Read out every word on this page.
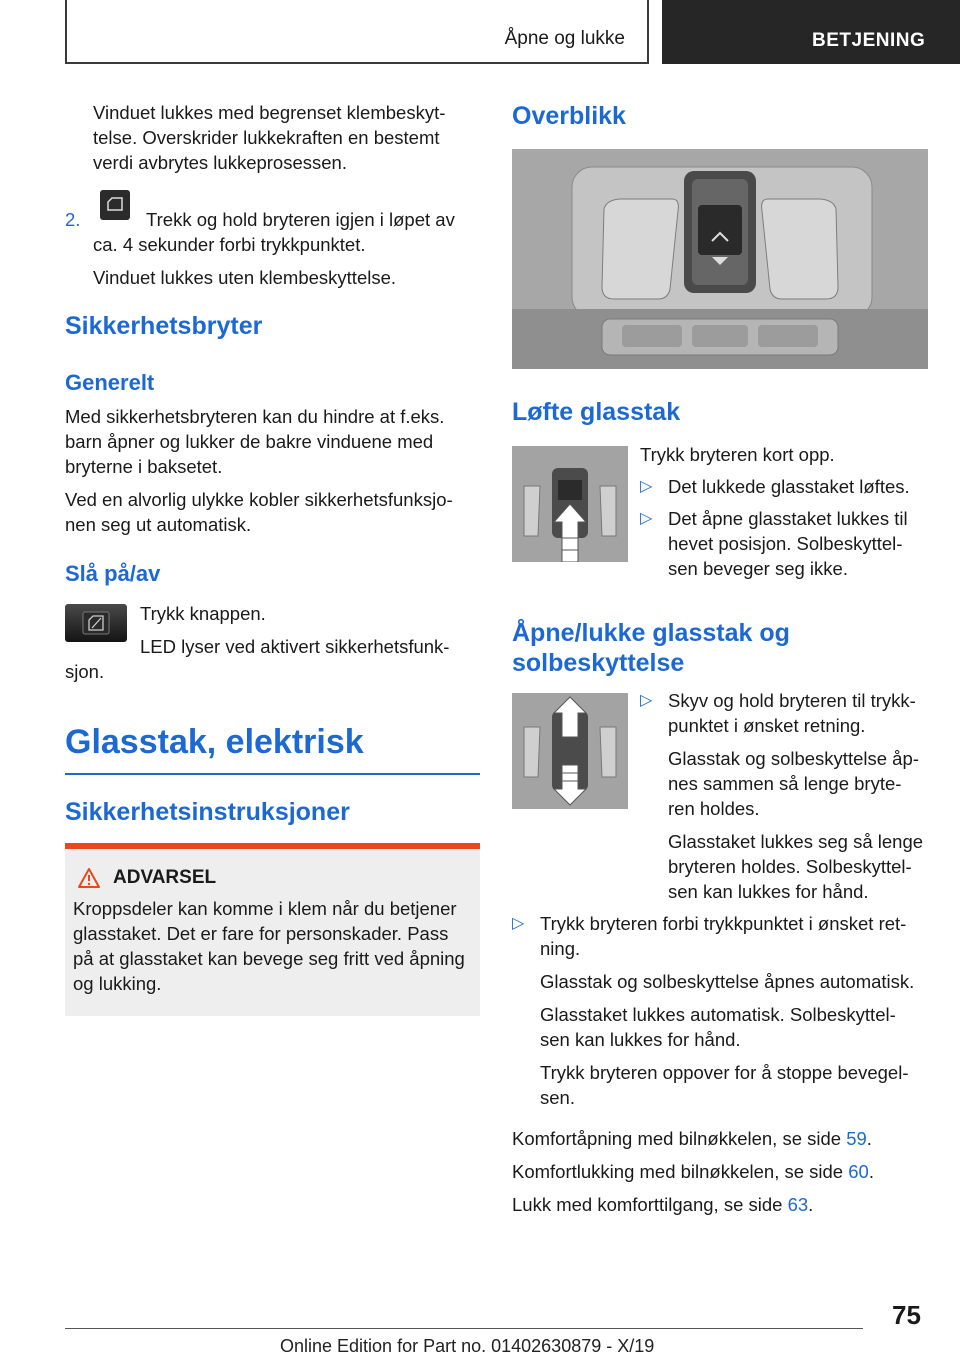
Åpne og lukke	BETJENING
Vinduet lukkes med begrenset klembeskyt-
telse. Overskrider lukkekraften en bestemt
verdi avbrytes lukkeprosessen.
2.	Trekk og hold bryteren igjen i løpet av
ca. 4 sekunder forbi trykkpunktet.
Vinduet lukkes uten klembeskyttelse.
Sikkerhetsbryter
Generelt
Med sikkerhetsbryteren kan du hindre at f.eks.
barn åpner og lukker de bakre vinduene med
bryterne i baksetet.
Ved en alvorlig ulykke kobler sikkerhetsfunksjo-
nen seg ut automatisk.
Slå på/av
Trykk knappen.
LED lyser ved aktivert sikkerhetsfunk-
sjon.
Glasstak, elektrisk
Sikkerhetsinstruksjoner
ADVARSEL
Kroppsdeler kan komme i klem når du betjener
glasstaket. Det er fare for personskader. Pass
på at glasstaket kan bevege seg fritt ved åpning
og lukking.
Overblikk
Løfte glasstak
Trykk bryteren kort opp.
▷ Det lukkede glasstaket løftes.
▷ Det åpne glasstaket lukkes til
hevet posisjon. Solbeskyttel-
sen beveger seg ikke.
Åpne/lukke glasstak og
solbeskyttelse
▷ Skyv og hold bryteren til trykk-
punktet i ønsket retning.
Glasstak og solbeskyttelse åp-
nes sammen så lenge bryte-
ren holdes.
Glasstaket lukkes seg så lenge
bryteren holdes. Solbeskyttel-
sen kan lukkes for hånd.
▷ Trykk bryteren forbi trykkpunktet i ønsket ret-
ning.
Glasstak og solbeskyttelse åpnes automatisk.
Glasstaket lukkes automatisk. Solbeskyttel-
sen kan lukkes for hånd.
Trykk bryteren oppover for å stoppe bevegel-
sen.
Komfortåpning med bilnøkkelen, se side 59.
Komfortlukking med bilnøkkelen, se side 60.
Lukk med komforttilgang, se side 63.
75
Online Edition for Part no. 01402630879 - X/19
